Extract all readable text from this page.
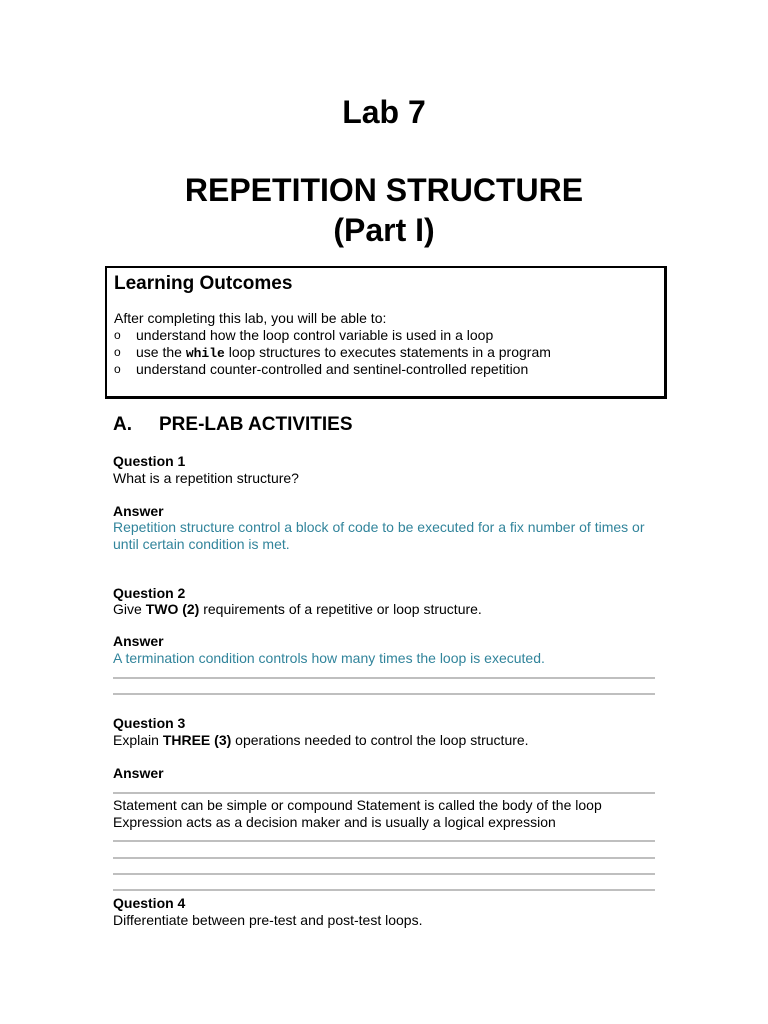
Lab 7
REPETITION STRUCTURE
(Part I)
Learning Outcomes
After completing this lab, you will be able to:
o understand how the loop control variable is used in a loop
o use the while loop structures to executes statements in a program
o understand counter-controlled and sentinel-controlled repetition
A. PRE-LAB ACTIVITIES
Question 1
What is a repetition structure?
Answer
Repetition structure control a block of code to be executed for a fix number of times or until certain condition is met.
Question 2
Give TWO (2) requirements of a repetitive or loop structure.
Answer
A termination condition controls how many times the loop is executed.
Question 3
Explain THREE (3) operations needed to control the loop structure.
Answer
Statement can be simple or compound Statement is called the body of the loop
Expression acts as a decision maker and is usually a logical expression
Question 4
Differentiate between pre-test and post-test loops.
